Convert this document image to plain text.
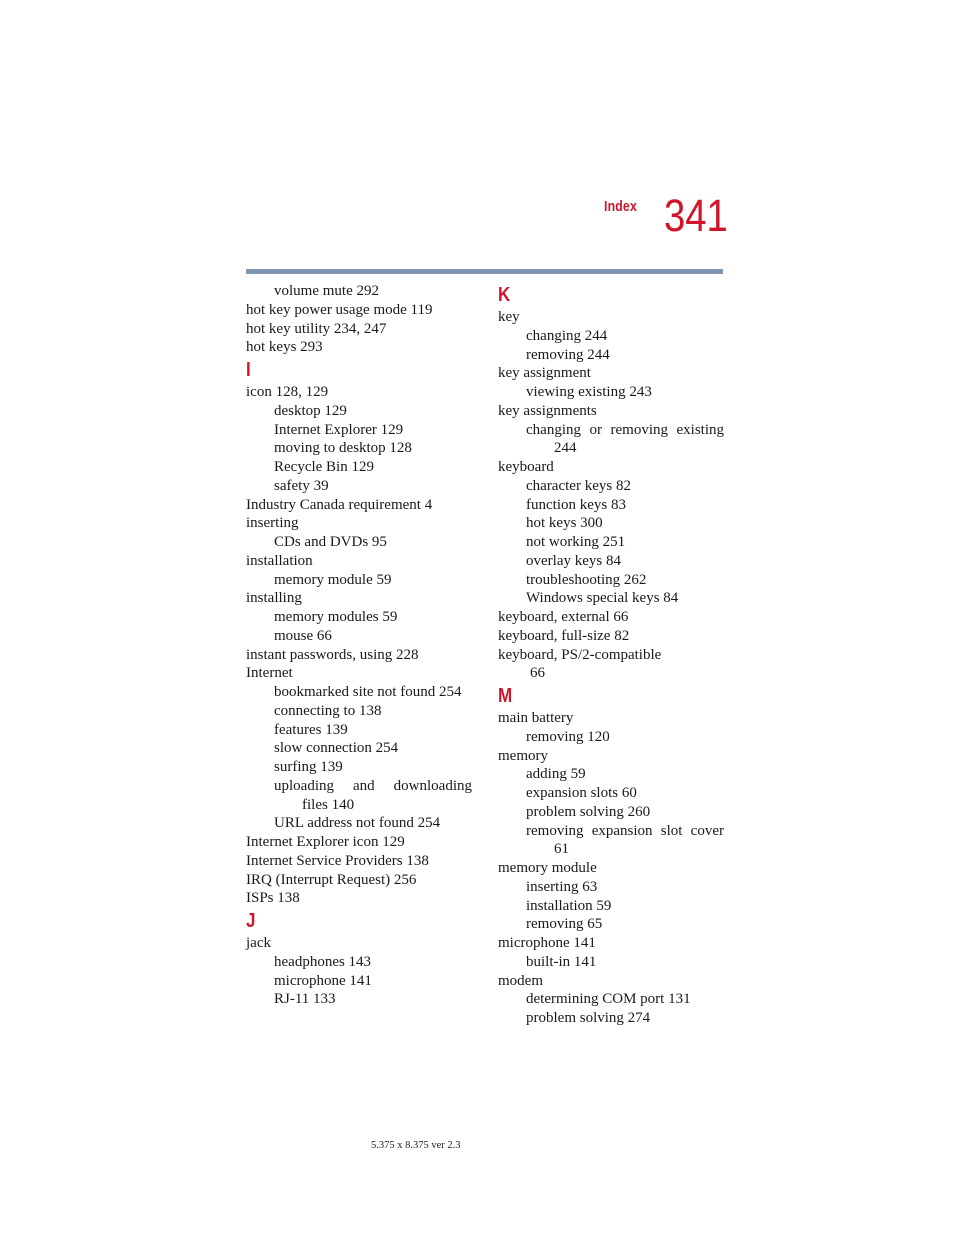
Index 341
volume mute 292
hot key power usage mode 119
hot key utility 234, 247
hot keys 293
I
icon 128, 129
desktop 129
Internet Explorer 129
moving to desktop 128
Recycle Bin 129
safety 39
Industry Canada requirement 4
inserting
CDs and DVDs 95
installation
memory module 59
installing
memory modules 59
mouse 66
instant passwords, using 228
Internet
bookmarked site not found 254
connecting to 138
features 139
slow connection 254
surfing 139
uploading and downloading
files 140
URL address not found 254
Internet Explorer icon 129
Internet Service Providers 138
IRQ (Interrupt Request) 256
ISPs 138
J
jack
headphones 143
microphone 141
RJ-11 133
K
key
changing 244
removing 244
key assignment
viewing existing 243
key assignments
changing or removing existing
244
keyboard
character keys 82
function keys 83
hot keys 300
not working 251
overlay keys 84
troubleshooting 262
Windows special keys 84
keyboard, external 66
keyboard, full-size 82
keyboard, PS/2-compatible
66
M
main battery
removing 120
memory
adding 59
expansion slots 60
problem solving 260
removing expansion slot cover
61
memory module
inserting 63
installation 59
removing 65
microphone 141
built-in 141
modem
determining COM port 131
problem solving 274
5.375 x 8.375 ver 2.3
